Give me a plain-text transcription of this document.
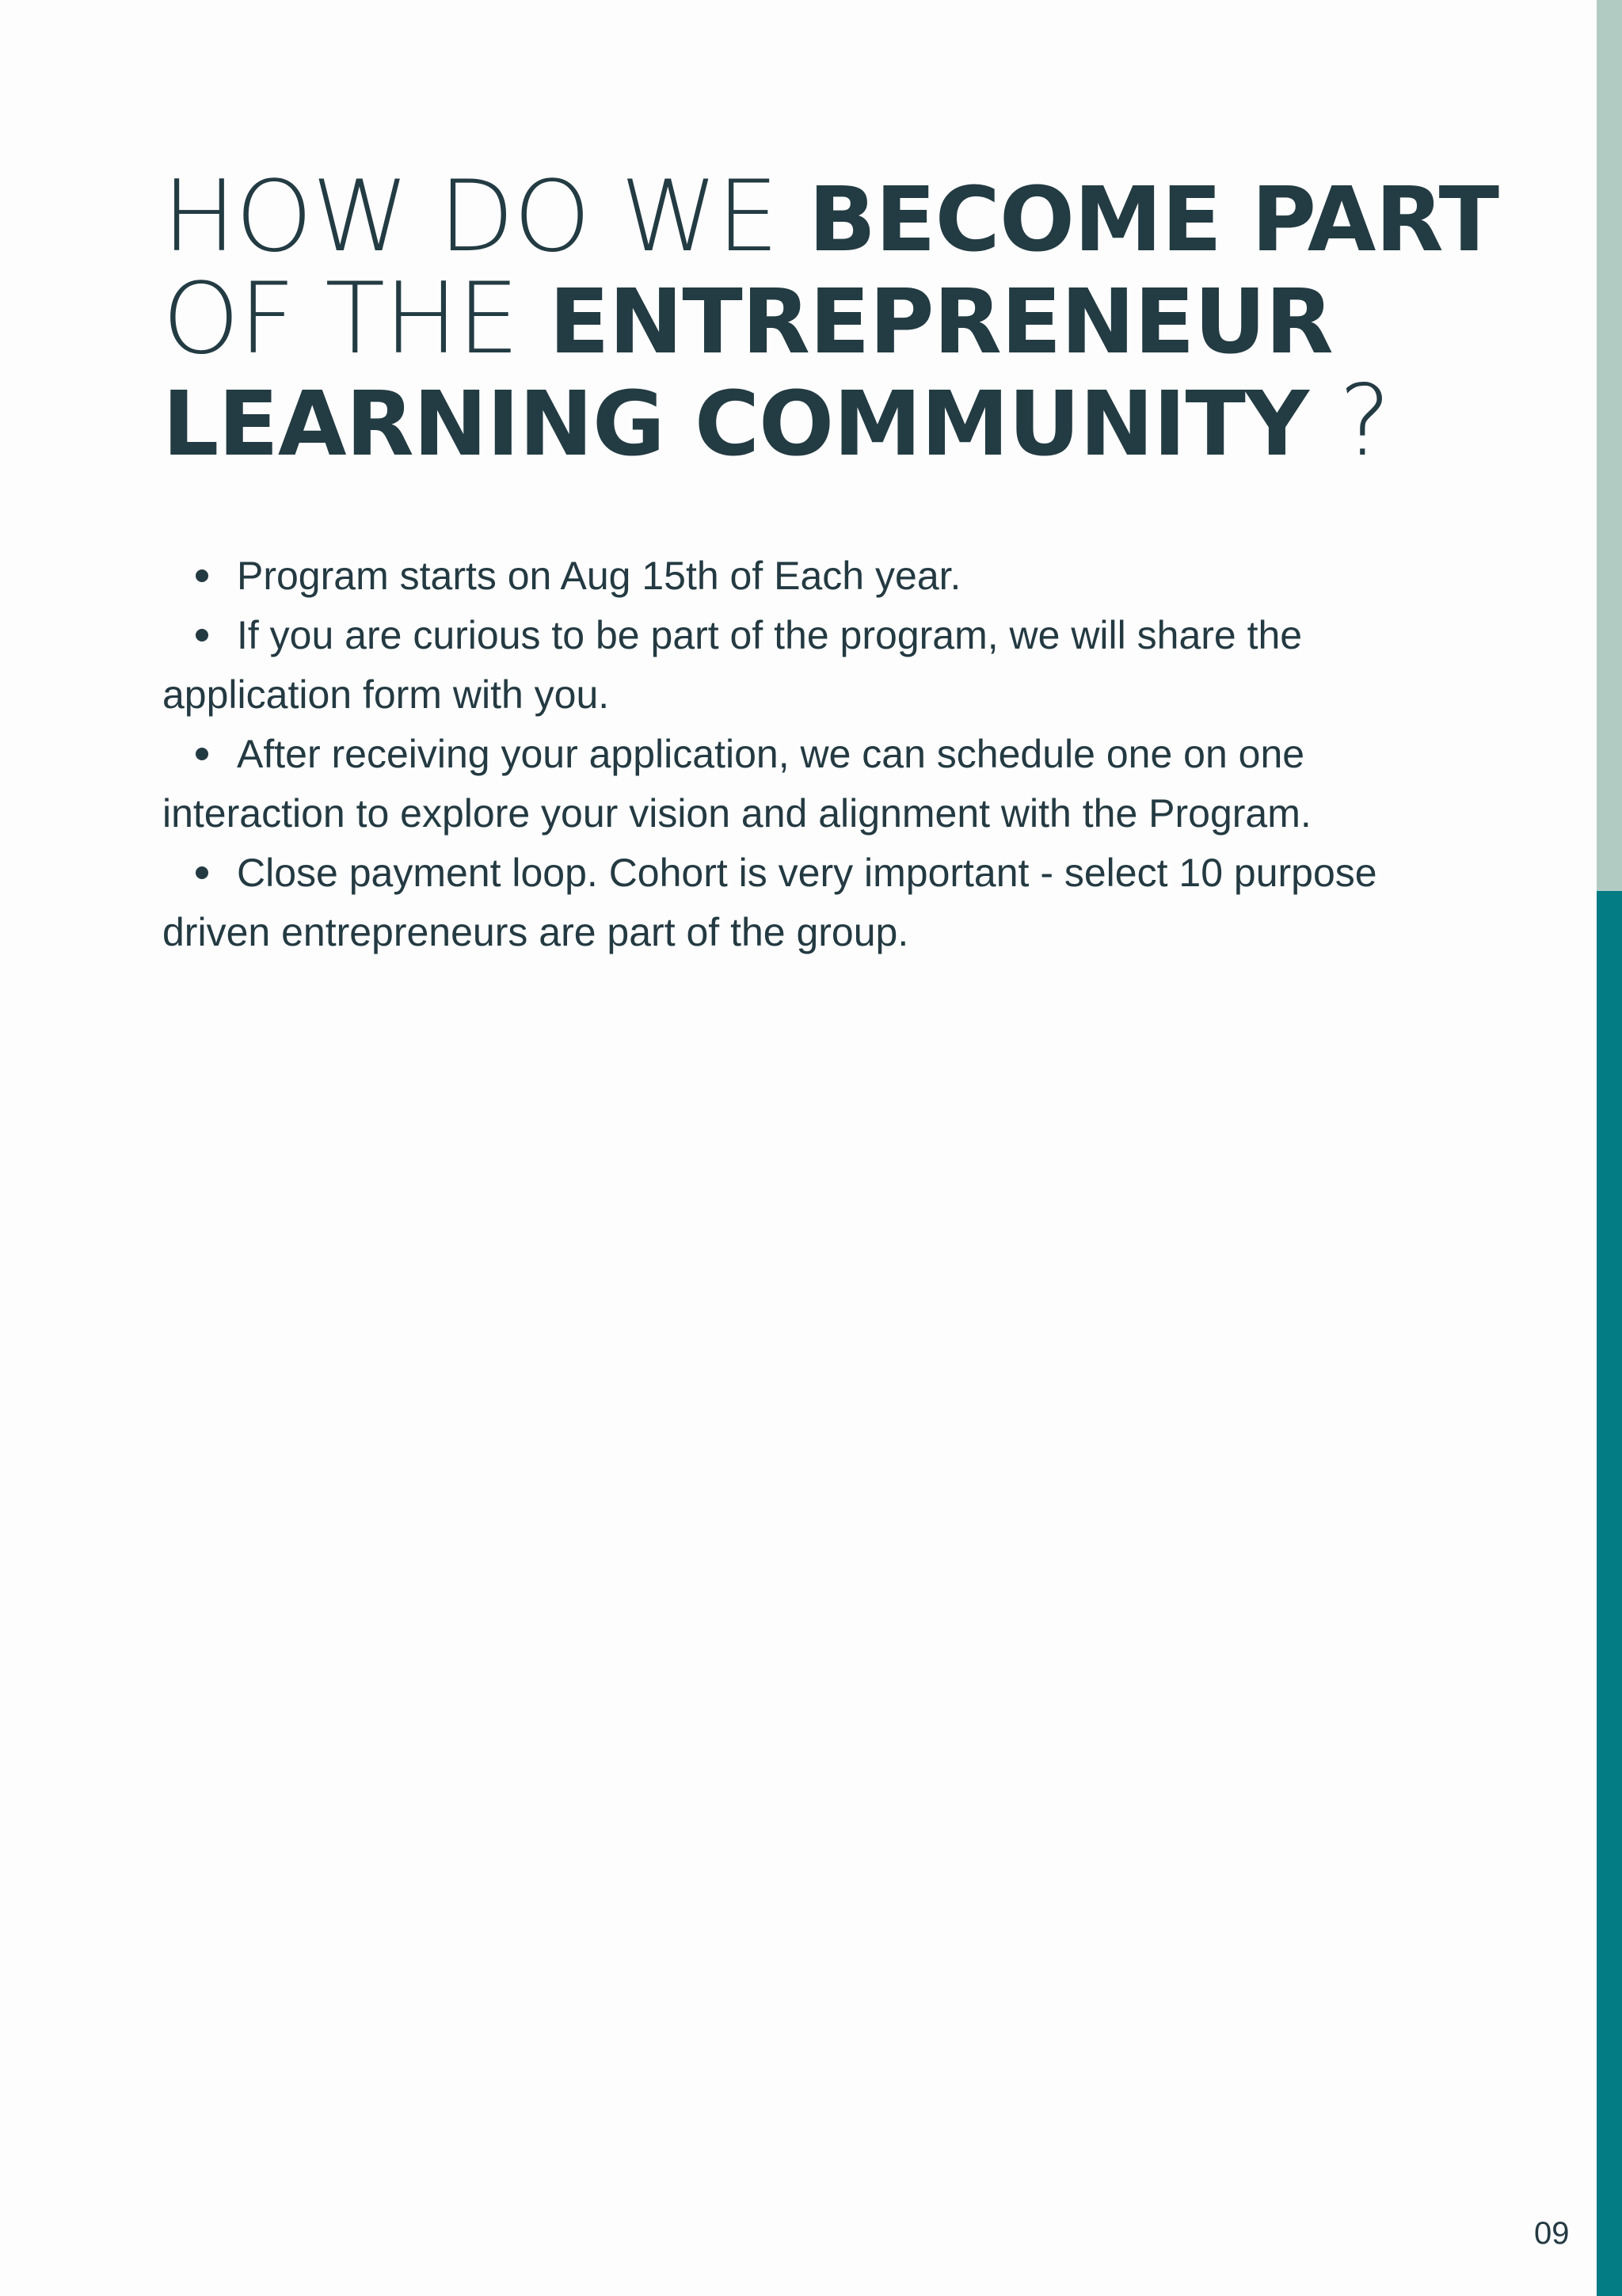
HOW DO WE BECOME PART
OF THE ENTREPRENEUR
LEARNING COMMUNITY ?
Program starts on Aug 15th of Each year.
If you are curious to be part of the program, we will share the application form with you.
After receiving your application, we can schedule one on one interaction to explore your vision and alignment with the Program.
Close payment loop. Cohort is very important - select 10 purpose driven entrepreneurs are part of the group.
09
